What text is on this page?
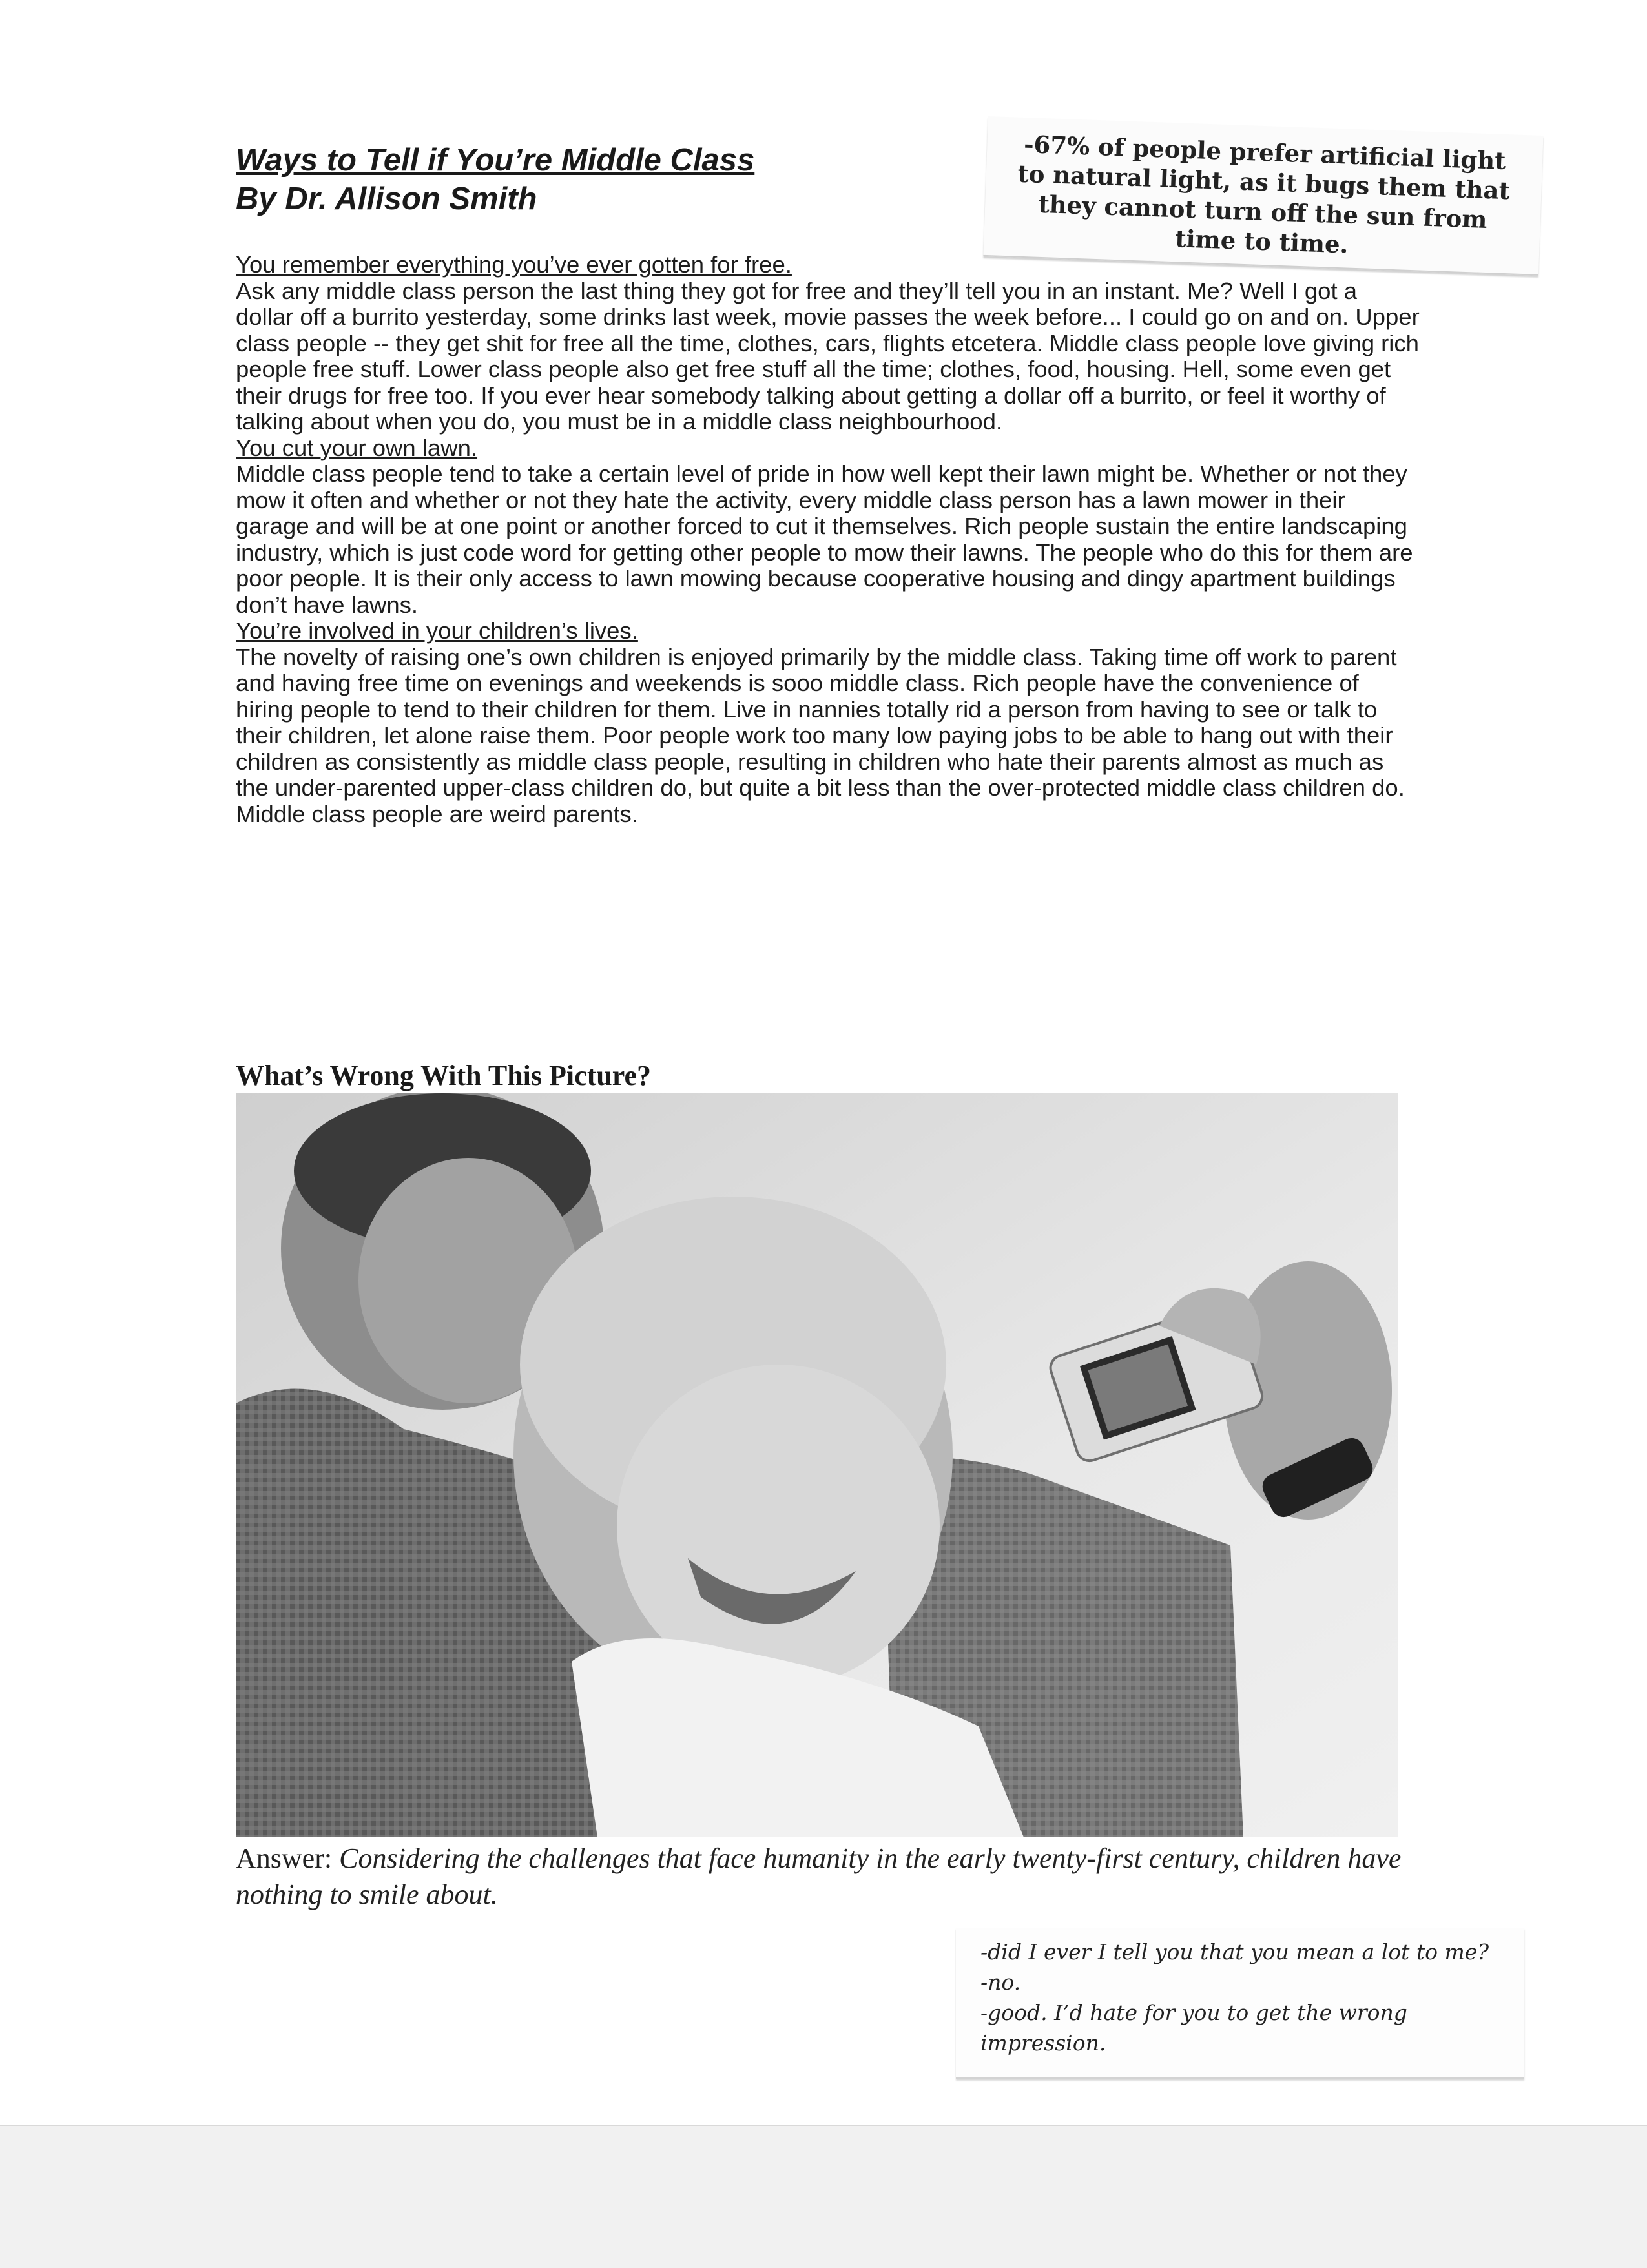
Ways to Tell if You’re Middle Class
By Dr. Allison Smith

-67% of people prefer artificial light to natural light, as it bugs them that they cannot turn off the sun from time to time.

You remember everything you’ve ever gotten for free.

Ask any middle class person the last thing they got for free and they’ll tell you in an instant. Me? Well I got a dollar off a burrito yesterday, some drinks last week, movie passes the week before... I could go on and on. Upper class people -- they get shit for free all the time, clothes, cars, flights etcetera. Middle class people love giving rich people free stuff. Lower class people also get free stuff all the time; clothes, food, housing. Hell, some even get their drugs for free too. If you ever hear somebody talking about getting a dollar off a burrito, or feel it worthy of talking about when you do, you must be in a middle class neighbourhood.

You cut your own lawn.

Middle class people tend to take a certain level of pride in how well kept their lawn might be. Whether or not they mow it often and whether or not they hate the activity, every middle class person has a lawn mower in their garage and will be at one point or another forced to cut it themselves. Rich people sustain the entire landscaping industry, which is just code word for getting other people to mow their lawns. The people who do this for them are poor people. It is their only access to lawn mowing because cooperative housing and dingy apartment buildings don’t have lawns.

You’re involved in your children’s lives.

The novelty of raising one’s own children is enjoyed primarily by the middle class. Taking time off work to parent and having free time on evenings and weekends is sooo middle class. Rich people have the convenience of hiring people to tend to their children for them. Live in nannies totally rid a person from having to see or talk to their children, let alone raise them. Poor people work too many low paying jobs to be able to hang out with their children as consistently as middle class people, resulting in children who hate their parents almost as much as the under-parented upper-class children do, but quite a bit less than the over-protected middle class children do. Middle class people are weird parents.

What’s Wrong With This Picture?
Answer: Considering the challenges that face humanity in the early twenty-first century, children have nothing to smile about.

-did I ever I tell you that you mean a lot to me?
-no.
-good. I’d hate for you to get the wrong impression.
